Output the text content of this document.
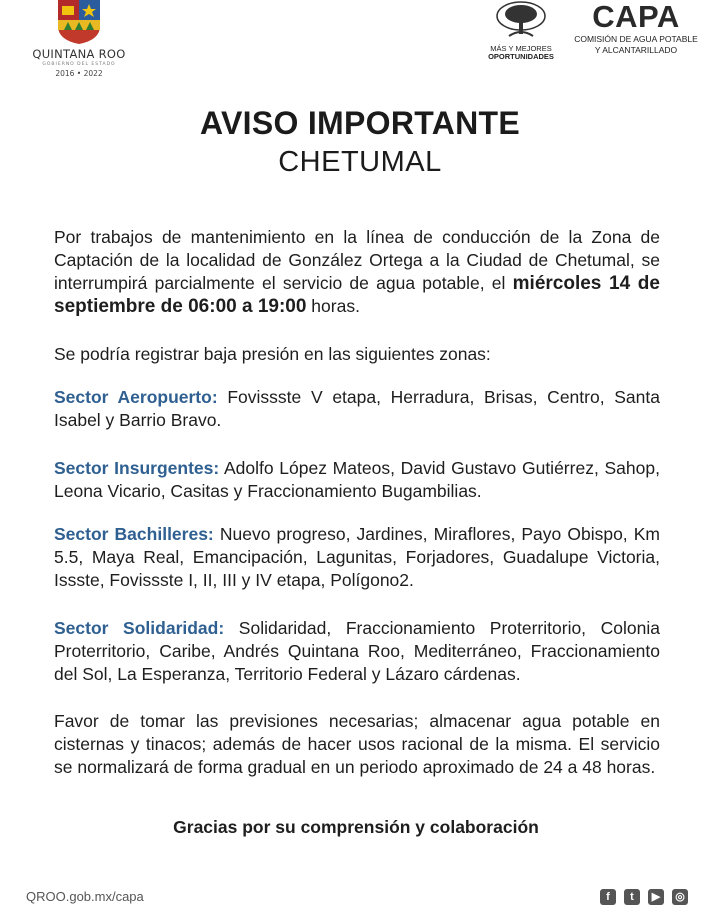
QUINTANA ROO
GOBIERNO DEL ESTADO
2016 • 2022
MÁS Y MEJORES
OPORTUNIDADES
CAPA
COMISIÓN DE AGUA POTABLE
Y ALCANTARILLADO
AVISO IMPORTANTE
CHETUMAL

Por trabajos de mantenimiento en la línea de conducción de la Zona de Captación de la localidad de González Ortega a la Ciudad de Chetumal, se interrumpirá parcialmente el servicio de agua potable, el miércoles 14 de septiembre de 06:00 a 19:00 horas.

Se podría registrar baja presión en las siguientes zonas:

Sector Aeropuerto: Fovissste V etapa, Herradura, Brisas, Centro, Santa Isabel y Barrio Bravo.

Sector Insurgentes: Adolfo López Mateos, David Gustavo Gutiérrez, Sahop, Leona Vicario, Casitas y Fraccionamiento Bugambilias.

Sector Bachilleres: Nuevo progreso, Jardines, Miraflores, Payo Obispo, Km 5.5, Maya Real, Emancipación, Lagunitas, Forjadores, Guadalupe Victoria, Issste, Fovissste I, II, III y IV etapa, Polígono2.

Sector Solidaridad: Solidaridad, Fraccionamiento Proterritorio, Colonia Proterritorio, Caribe, Andrés Quintana Roo, Mediterráneo, Fraccionamiento del Sol, La Esperanza, Territorio Federal y Lázaro cárdenas.

Favor de tomar las previsiones necesarias; almacenar agua potable en cisternas y tinacos; además de hacer usos racional de la misma. El servicio se normalizará de forma gradual en un periodo aproximado de 24 a 48 horas.

Gracias por su comprensión y colaboración
QROO.gob.mx/capa	f	t	▶	◎
